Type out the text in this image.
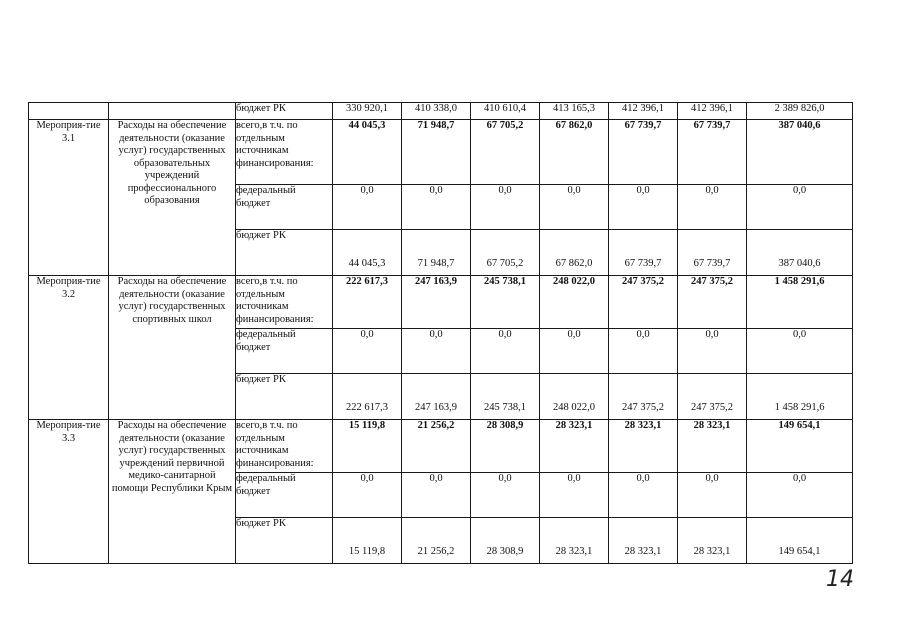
		бюджет РК	330 920,1	410 338,0	410 610,4	413 165,3	412 396,1	412 396,1	2 389 826,0
Мероприя-тие 3.1	Расходы на обеспечение деятельности (оказание услуг) государственных образовательных учреждений профессионального образования	всего,в т.ч. по отдельным источникам финансирования:	44 045,3	71 948,7	67 705,2	67 862,0	67 739,7	67 739,7	387 040,6
		федеральный бюджет	0,0	0,0	0,0	0,0	0,0	0,0	0,0
		бюджет РК	44 045,3	71 948,7	67 705,2	67 862,0	67 739,7	67 739,7	387 040,6
Мероприя-тие 3.2	Расходы на обеспечение деятельности (оказание услуг) государственных спортивных школ	всего,в т.ч. по отдельным источникам финансирования:	222 617,3	247 163,9	245 738,1	248 022,0	247 375,2	247 375,2	1 458 291,6
		федеральный бюджет	0,0	0,0	0,0	0,0	0,0	0,0	0,0
		бюджет РК	222 617,3	247 163,9	245 738,1	248 022,0	247 375,2	247 375,2	1 458 291,6
Мероприя-тие 3.3	Расходы на обеспечение деятельности (оказание услуг) государственных учреждений первичной медико-санитарной помощи Республики Крым	всего,в т.ч. по отдельным источникам финансирования:	15 119,8	21 256,2	28 308,9	28 323,1	28 323,1	28 323,1	149 654,1
		федеральный бюджет	0,0	0,0	0,0	0,0	0,0	0,0	0,0
		бюджет РК	15 119,8	21 256,2	28 308,9	28 323,1	28 323,1	28 323,1	149 654,1
14
